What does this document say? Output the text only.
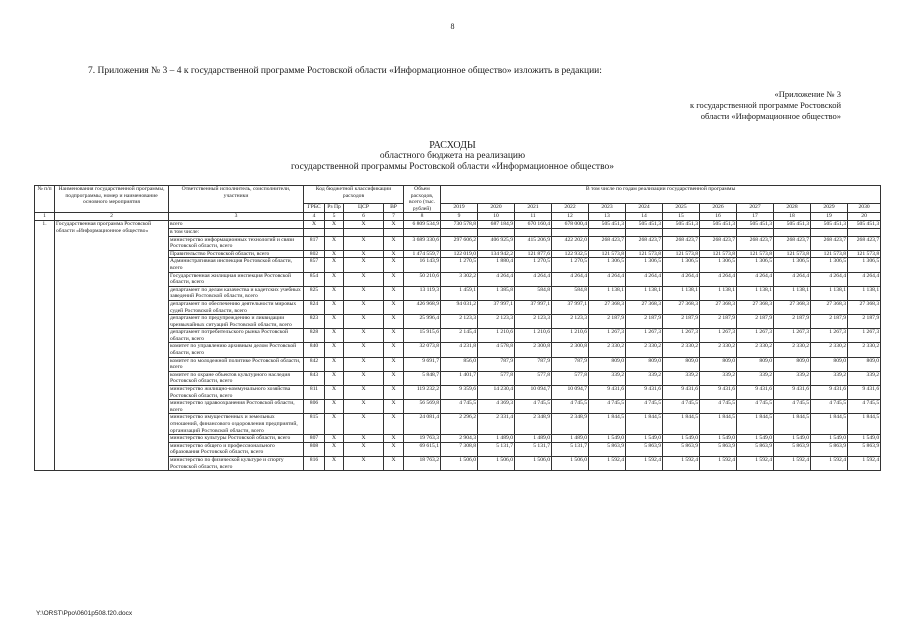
8
7. Приложения № 3 – 4 к государственной программе Ростовской области «Информационное общество» изложить в редакции:
«Приложение № 3
к государственной программе Ростовской
области «Информационное общество»
РАСХОДЫ
областного бюджета на реализацию
государственной программы Ростовской области «Информационное общество»
№ п/п	Наименования государственной программы, подпрограммы, номер и наименование основного мероприятия	Ответственный исполнитель, соисполнители, участники	Код бюджетной классификации расходов				Объем расходов, всего (тыс. рублей)	В том числе по годам реализации государственной программы											
			ГРБС	Рз Пр	ЦСР	ВР		2019	2020	2021	2022	2023	2024	2025	2026	2027	2028	2029	2030
1	2	3	4	5	6	7	8	9	10	11	12	13	14	15	16	17	18	19	20
1.	Государственная программа Ростовской области «Информационное общество»	всего	X	X	X	X	6 809 534,9	730 578,8	687 184,9	670 160,4	678 000,4	505 451,3	505 451,3	505 451,3	505 451,3	505 451,3	505 451,3	505 451,3	505 451,3
		в том числе:																	
		министерство информационных технологий и связи Ростовской области, всего	817	X	X	X	3 689 330,6	297 606,2	406 925,9	415 206,9	422 202,0	268 423,7	268 423,7	268 423,7	268 423,7	268 423,7	268 423,7	268 423,7	268 423,7
		Правительство Ростовской области, всего	802	X	X	X	1 474 559,7	122 019,0	134 942,2	121 877,6	122 932,5	121 573,8	121 573,8	121 573,8	121 573,8	121 573,8	121 573,8	121 573,8	121 573,8
		Административная инспекция Ростовской области, всего	857	X	X	X	16 143,9	1 270,5	1 880,4	1 270,5	1 270,5	1 306,5	1 306,5	1 306,5	1 306,5	1 306,5	1 306,5	1 306,5	1 306,5
		Государственная жилищная инспекция Ростовской области, всего	854	X	X	X	50 210,6	3 302,2	4 264,4	4 264,4	4 264,4	4 264,4	4 264,4	4 264,4	4 264,4	4 264,4	4 264,4	4 264,4	4 264,4
		департамент по делам казачества и кадетских учебных заведений Ростовской области, всего	825	X	X	X	13 119,3	1 459,1	1 385,8	584,8	584,8	1 138,1	1 138,1	1 138,1	1 138,1	1 138,1	1 138,1	1 138,1	1 138,1
		департамент по обеспечению деятельности мировых судей Ростовской области, всего	824	X	X	X	426 968,9	94 031,2	37 997,1	37 997,1	37 997,1	27 368,3	27 368,3	27 368,3	27 368,3	27 368,3	27 368,3	27 368,3	27 368,3
		департамент по предупреждению и ликвидации чрезвычайных ситуаций Ростовской области, всего	823	X	X	X	25 996,4	2 123,3	2 123,3	2 123,3	2 123,3	2 187,9	2 187,9	2 187,9	2 187,9	2 187,9	2 187,9	2 187,9	2 187,9
		департамент потребительского рынка Ростовской области, всего	828	X	X	X	15 915,6	2 145,4	1 210,6	1 210,6	1 210,6	1 267,3	1 267,3	1 267,3	1 267,3	1 267,3	1 267,3	1 267,3	1 267,3
		комитет по управлению архивным делом Ростовской области, всего	840	X	X	X	32 073,8	4 231,8	4 578,8	2 300,8	2 300,8	2 330,2	2 330,2	2 330,2	2 330,2	2 330,2	2 330,2	2 330,2	2 330,2
		комитет по молодежной политике Ростовской области, всего	842	X	X	X	9 691,7	856,0	787,9	787,9	787,9	809,0	809,0	809,0	809,0	809,0	809,0	809,0	809,0
		комитет по охране объектов культурного наследия Ростовской области, всего	843	X	X	X	5 848,7	1 401,7	577,8	577,8	577,8	339,2	339,2	339,2	339,2	339,2	339,2	339,2	339,2
		министерство жилищно-коммунального хозяйства Ростовской области, всего	811	X	X	X	119 232,2	9 359,6	14 230,4	10 094,7	10 094,7	9 431,6	9 431,6	9 431,6	9 431,6	9 431,6	9 431,6	9 431,6	9 431,6
		министерство здравоохранения Ростовской области, всего	806	X	X	X	56 569,8	4 745,5	4 369,3	4 745,5	4 745,5	4 745,5	4 745,5	4 745,5	4 745,5	4 745,5	4 745,5	4 745,5	4 745,5
		министерство имущественных и земельных отношений, финансового оздоровления предприятий, организаций Ростовской области, всего	815	X	X	X	24 081,4	2 296,2	2 331,4	2 348,9	2 348,9	1 844,5	1 844,5	1 844,5	1 844,5	1 844,5	1 844,5	1 844,5	1 844,5
		министерство культуры Ростовской области, всего	807	X	X	X	19 763,3	2 904,3	1 489,0	1 489,0	1 489,0	1 549,0	1 549,0	1 549,0	1 549,0	1 549,0	1 549,0	1 549,0	1 549,0
		министерство общего и профессионального образования Ростовской области, всего	808	X	X	X	69 615,1	7 308,8	5 131,7	5 131,7	5 131,7	5 863,9	5 863,9	5 863,9	5 863,9	5 863,9	5 863,9	5 863,9	5 863,9
		министерство по физической культуре и спорту Ростовской области, всего	816	X	X	X	18 763,2	1 506,0	1 506,0	1 506,0	1 506,0	1 592,4	1 592,4	1 592,4	1 592,4	1 592,4	1 592,4	1 592,4	1 592,4
Y:\ORST\Ppo\0601p508.f20.docx
